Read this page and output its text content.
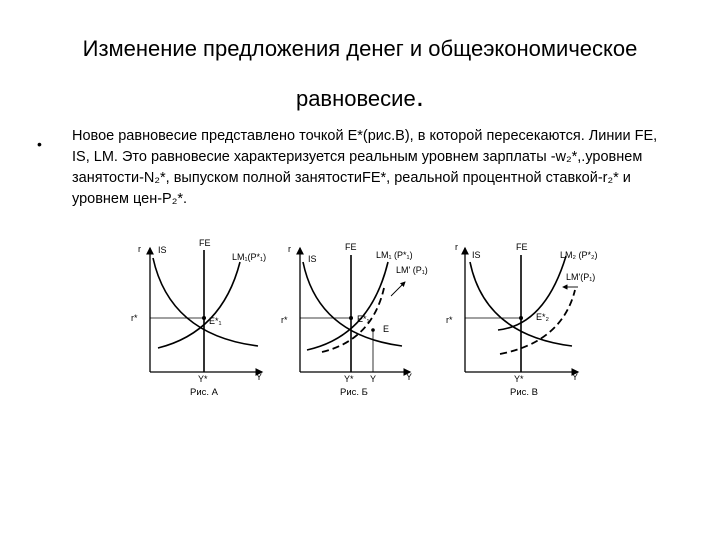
Изменение предложения денег и общеэкономическое
равновесие.
• Новое равновесие представлено точкой E*(рис.В), в которой пересекаются. Линии FE, IS, LM. Это равновесие характеризуется реальным уровнем зарплаты -w₂*,.уровнем занятости-N₂*, выпуском полной занятостиFE*, реальной процентной ставкой-r₂* и уровнем цен-P₂*.
r IS
FE
LM₁(P*₁)
r*	E*₁
Y*	Y
Рис. А
r
IS
FE
LM₁ (P*₁)
LM' (P₁)
r*	E*₁
E
Y* Y	Y
Рис. Б
r
IS
FE
LM₂ (P*₂)
LM'(P₁)
r*	E*₂
Y*	Y
Рис. В
